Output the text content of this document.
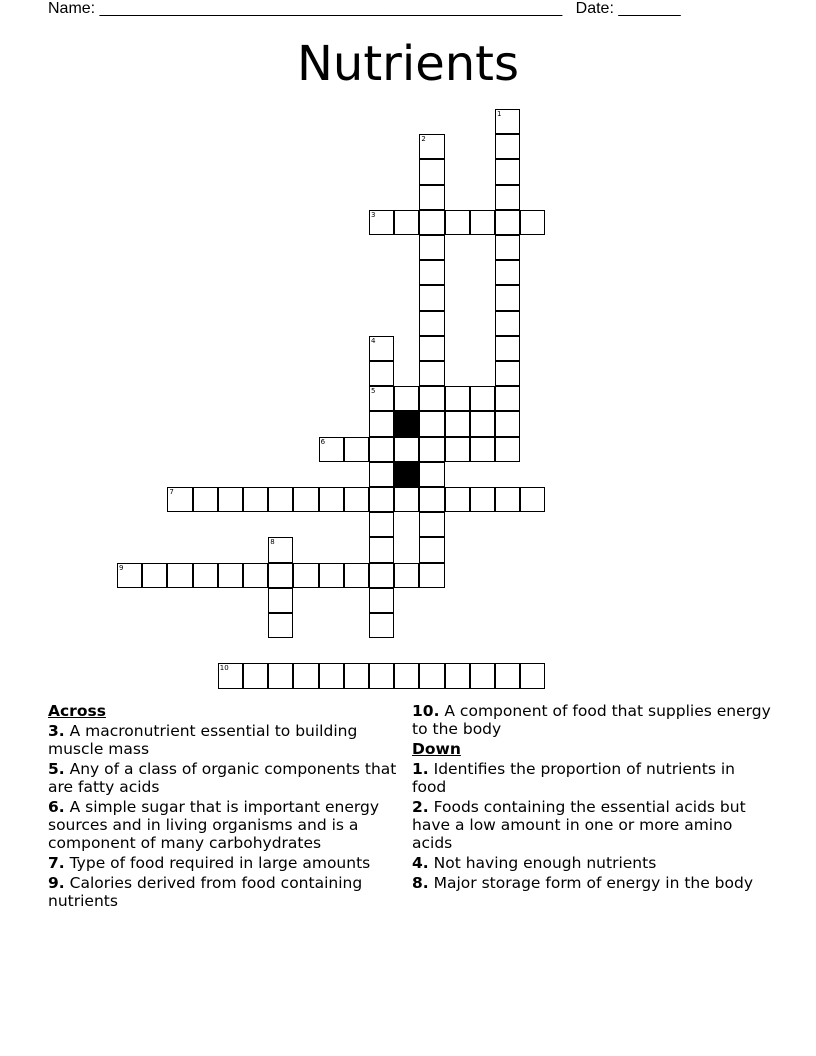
Name: ____________________________________________________ Date: _______
Nutrients
1
2
3
4
5
6
7
8
9
10
Across
3. A macronutrient essential to building muscle mass
5. Any of a class of organic components that are fatty acids
6. A simple sugar that is important energy sources and in living organisms and is a component of many carbohydrates
7. Type of food required in large amounts
9. Calories derived from food containing nutrients
10. A component of food that supplies energy to the body
Down
1. Identifies the proportion of nutrients in food
2. Foods containing the essential acids but have a low amount in one or more amino acids
4. Not having enough nutrients
8. Major storage form of energy in the body
